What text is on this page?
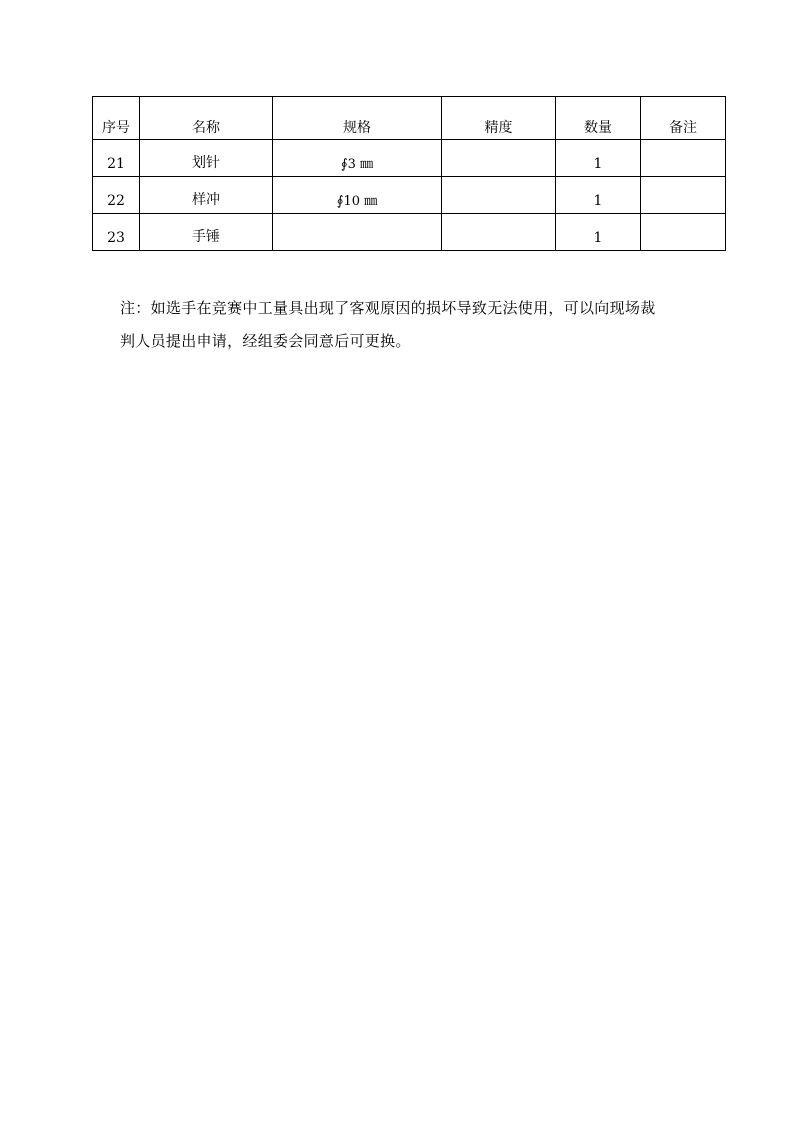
序号	名称	规格	精度	数量	备注
21	划针	∮3 ㎜		1	
22	样冲	∮10 ㎜		1	
23	手锤			1	
注：如选手在竞赛中工量具出现了客观原因的损坏导致无法使用，可以向现场裁
判人员提出申请，经组委会同意后可更换。
